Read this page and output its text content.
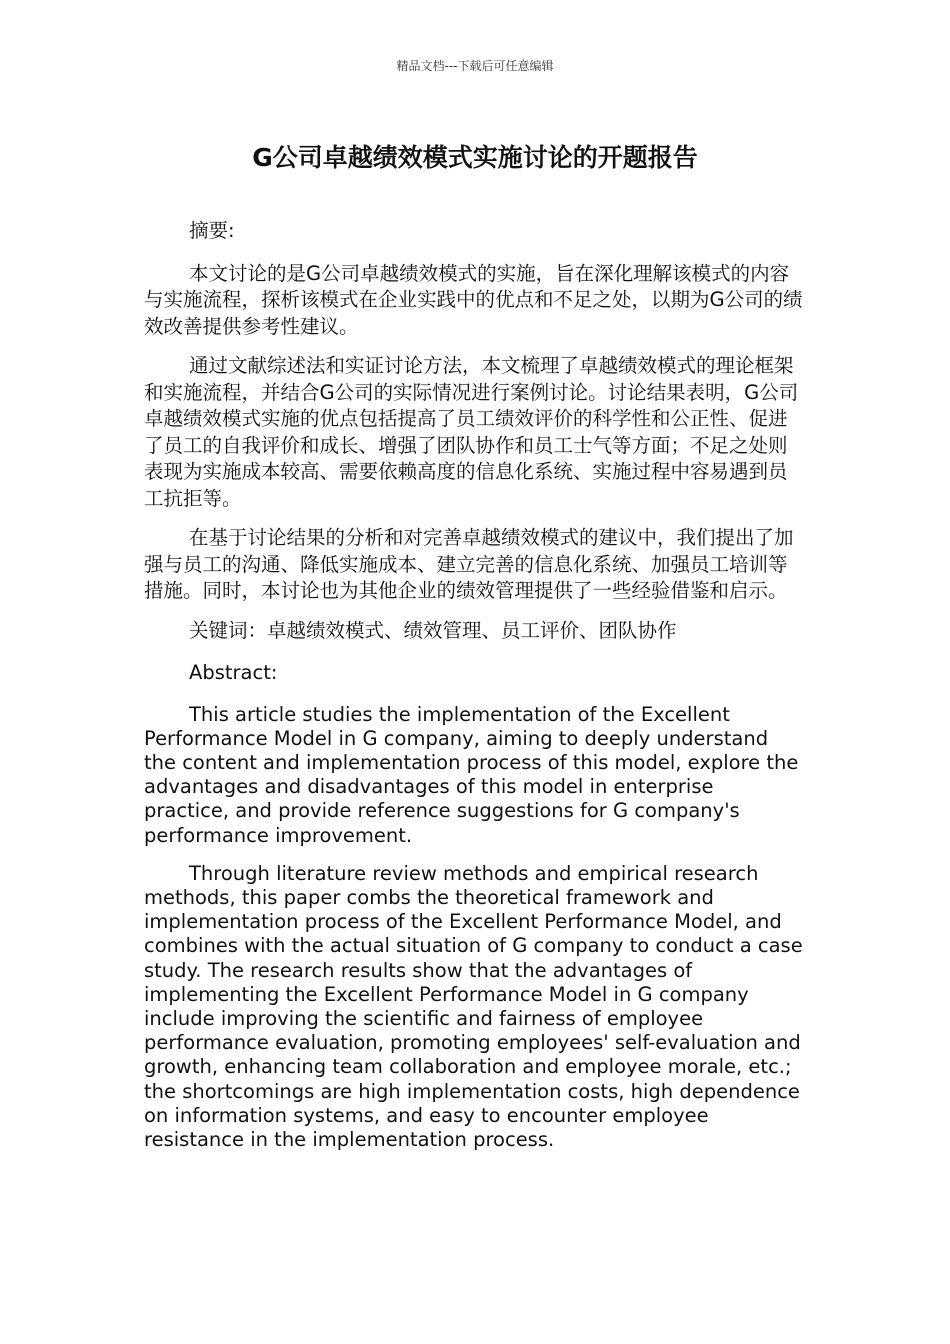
精品文档---下载后可任意编辑
G公司卓越绩效模式实施讨论的开题报告

摘要:

本文讨论的是G公司卓越绩效模式的实施，旨在深化理解该模式的内容与实施流程，探析该模式在企业实践中的优点和不足之处，以期为G公司的绩效改善提供参考性建议。

通过文献综述法和实证讨论方法，本文梳理了卓越绩效模式的理论框架和实施流程，并结合G公司的实际情况进行案例讨论。讨论结果表明，G公司卓越绩效模式实施的优点包括提高了员工绩效评价的科学性和公正性、促进了员工的自我评价和成长、增强了团队协作和员工士气等方面；不足之处则表现为实施成本较高、需要依赖高度的信息化系统、实施过程中容易遇到员工抗拒等。

在基于讨论结果的分析和对完善卓越绩效模式的建议中，我们提出了加强与员工的沟通、降低实施成本、建立完善的信息化系统、加强员工培训等措施。同时，本讨论也为其他企业的绩效管理提供了一些经验借鉴和启示。

关键词：卓越绩效模式、绩效管理、员工评价、团队协作

Abstract:

This article studies the implementation of the Excellent Performance Model in G company, aiming to deeply understand the content and implementation process of this model, explore the advantages and disadvantages of this model in enterprise practice, and provide reference suggestions for G company's performance improvement.

Through literature review methods and empirical research methods, this paper combs the theoretical framework and implementation process of the Excellent Performance Model, and combines with the actual situation of G company to conduct a case study. The research results show that the advantages of implementing the Excellent Performance Model in G company include improving the scientific and fairness of employee performance evaluation, promoting employees' self-evaluation and growth, enhancing team collaboration and employee morale, etc.; the shortcomings are high implementation costs, high dependence on information systems, and easy to encounter employee resistance in the implementation process.
